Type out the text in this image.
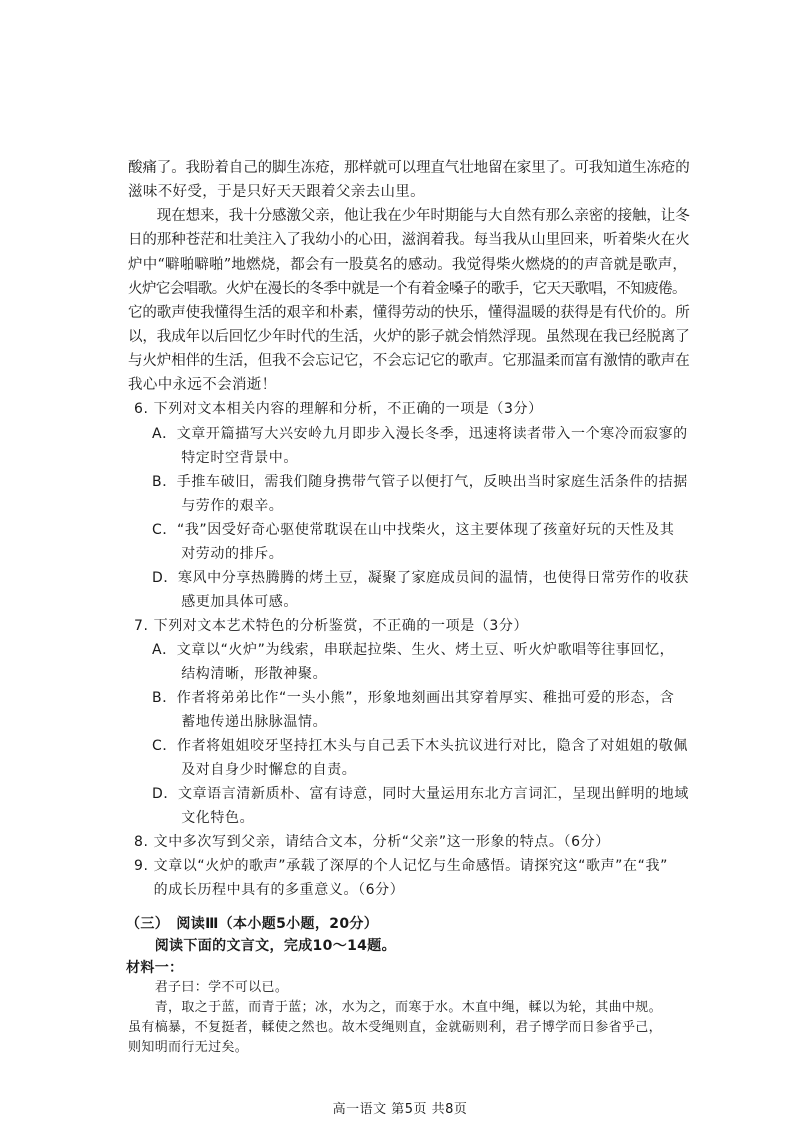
酸痛了。我盼着自己的脚生冻疮，那样就可以理直气壮地留在家里了。可我知道生冻疮的
滋味不好受，于是只好天天跟着父亲去山里。
　　现在想来，我十分感激父亲，他让我在少年时期能与大自然有那么亲密的接触，让冬
日的那种苍茫和壮美注入了我幼小的心田，滋润着我。每当我从山里回来，听着柴火在火
炉中“噼啪噼啪”地燃烧，都会有一股莫名的感动。我觉得柴火燃烧的的声音就是歌声，
火炉它会唱歌。火炉在漫长的冬季中就是一个有着金嗓子的歌手，它天天歌唱，不知疲倦。
它的歌声使我懂得生活的艰辛和朴素，懂得劳动的快乐，懂得温暖的获得是有代价的。所
以，我成年以后回忆少年时代的生活，火炉的影子就会悄然浮现。虽然现在我已经脱离了
与火炉相伴的生活，但我不会忘记它，不会忘记它的歌声。它那温柔而富有激情的歌声在
我心中永远不会消逝！
6. 下列对文本相关内容的理解和分析，不正确的一项是（3分）
A．文章开篇描写大兴安岭九月即步入漫长冬季，迅速将读者带入一个寒冷而寂寥的
　　特定时空背景中。
B．手推车破旧，需我们随身携带气管子以便打气，反映出当时家庭生活条件的拮据
　　与劳作的艰辛。
C．“我”因受好奇心驱使常耽误在山中找柴火，这主要体现了孩童好玩的天性及其
　　对劳动的排斥。
D．寒风中分享热腾腾的烤土豆，凝聚了家庭成员间的温情，也使得日常劳作的收获
　　感更加具体可感。
7. 下列对文本艺术特色的分析鉴赏，不正确的一项是（3分）
A．文章以“火炉”为线索，串联起拉柴、生火、烤土豆、听火炉歌唱等往事回忆，
　　结构清晰，形散神聚。
B．作者将弟弟比作“一头小熊”，形象地刻画出其穿着厚实、稚拙可爱的形态，含
　　蓄地传递出脉脉温情。
C．作者将姐姐咬牙坚持扛木头与自己丢下木头抗议进行对比，隐含了对姐姐的敬佩
　　及对自身少时懈怠的自责。
D．文章语言清新质朴、富有诗意，同时大量运用东北方言词汇，呈现出鲜明的地域
　　文化特色。
8. 文中多次写到父亲，请结合文本，分析“父亲”这一形象的特点。（6分）
9. 文章以“火炉的歌声”承载了深厚的个人记忆与生命感悟。请探究这“歌声”在“我”
　 的成长历程中具有的多重意义。（6分）
（三）　阅读Ⅲ（本小题5小题，20分）
　　阅读下面的文言文，完成10～14题。
材料一：
　　君子曰：学不可以已。
高一语文 第5页 共8页
　　青，取之于蓝，而青于蓝；冰，水为之，而寒于水。木直中绳，輮以为轮，其曲中规。
虽有槁暴，不复挺者，輮使之然也。故木受绳则直，金就砺则利，君子博学而日参省乎己，
则知明而行无过矣。
